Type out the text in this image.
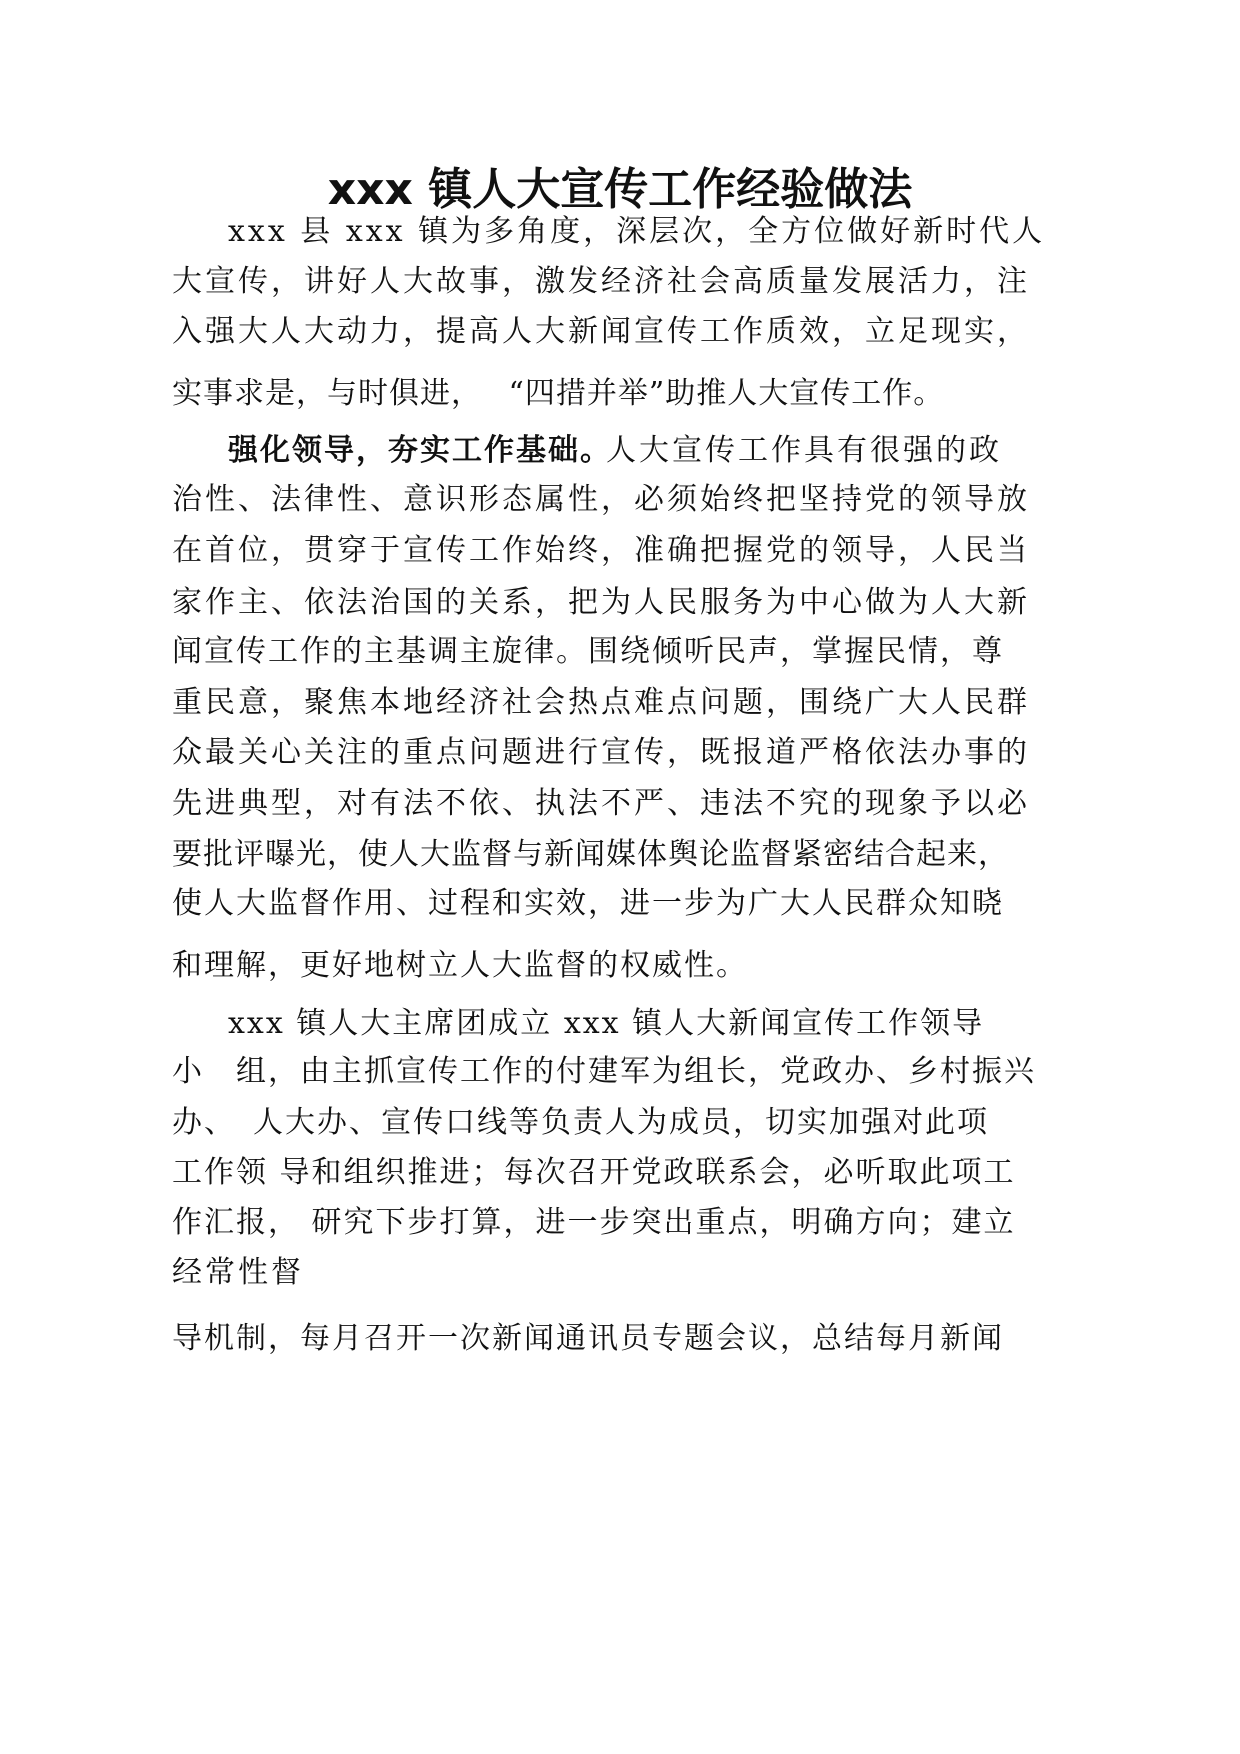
xxx 镇人大宣传工作经验做法
xxx 县 xxx 镇为多角度，深层次，全方位做好新时代人
大宣传，讲好人大故事，激发经济社会高质量发展活力，注
入强大人大动力，提高人大新闻宣传工作质效，立足现实，
实事求是，与时俱进，　 “四措并举”助推人大宣传工作。
强化领导，夯实工作基础。
人大宣传工作具有很强的政
治性、法律性、意识形态属性，必须始终把坚持党的领导放
在首位，贯穿于宣传工作始终，准确把握党的领导，人民当
家作主、依法治国的关系，把为人民服务为中心做为人大新
闻宣传工作的主基调主旋律。围绕倾听民声，掌握民情，尊
重民意，聚焦本地经济社会热点难点问题，围绕广大人民群
众最关心关注的重点问题进行宣传，既报道严格依法办事的
先进典型，对有法不依、执法不严、违法不究的现象予以必
要批评曝光，使人大监督与新闻媒体舆论监督紧密结合起来，
使人大监督作用、过程和实效，进一步为广大人民群众知晓
和理解，更好地树立人大监督的权威性。
xxx 镇人大主席团成立 xxx 镇人大新闻宣传工作领导
小　组，由主抓宣传工作的付建军为组长，党政办、乡村振兴
办、　人大办、宣传口线等负责人为成员，切实加强对此项
工作领 导和组织推进；每次召开党政联系会，必听取此项工
作汇报， 研究下步打算，进一步突出重点，明确方向；建立
经常性督
导机制，每月召开一次新闻通讯员专题会议，总结每月新闻
